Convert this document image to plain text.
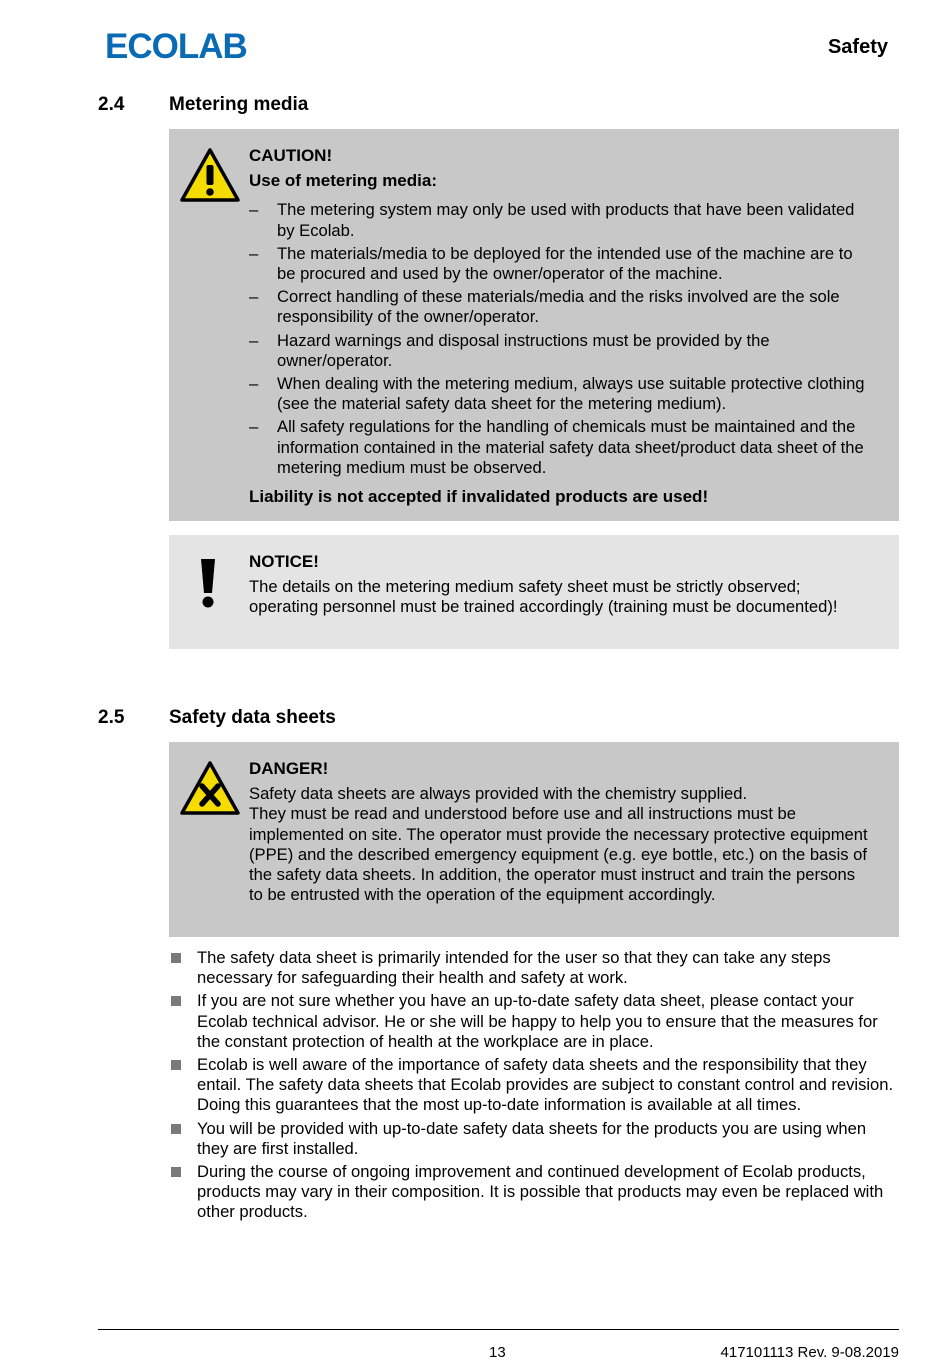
ECOLAB	Safety
2.4 Metering media
CAUTION!
Use of metering media:
– The metering system may only be used with products that have been validated by Ecolab.
– The materials/media to be deployed for the intended use of the machine are to be procured and used by the owner/operator of the machine.
– Correct handling of these materials/media and the risks involved are the sole responsibility of the owner/operator.
– Hazard warnings and disposal instructions must be provided by the owner/operator.
– When dealing with the metering medium, always use suitable protective clothing (see the material safety data sheet for the metering medium).
– All safety regulations for the handling of chemicals must be maintained and the information contained in the material safety data sheet/product data sheet of the metering medium must be observed.
Liability is not accepted if invalidated products are used!
NOTICE!
The details on the metering medium safety sheet must be strictly observed; operating personnel must be trained accordingly (training must be documented)!
2.5 Safety data sheets
DANGER!
Safety data sheets are always provided with the chemistry supplied.
They must be read and understood before use and all instructions must be implemented on site. The operator must provide the necessary protective equipment (PPE) and the described emergency equipment (e.g. eye bottle, etc.) on the basis of the safety data sheets. In addition, the operator must instruct and train the persons to be entrusted with the operation of the equipment accordingly.
The safety data sheet is primarily intended for the user so that they can take any steps necessary for safeguarding their health and safety at work.
If you are not sure whether you have an up-to-date safety data sheet, please contact your Ecolab technical advisor. He or she will be happy to help you to ensure that the measures for the constant protection of health at the workplace are in place.
Ecolab is well aware of the importance of safety data sheets and the responsibility that they entail. The safety data sheets that Ecolab provides are subject to constant control and revision. Doing this guarantees that the most up-to-date information is available at all times.
You will be provided with up-to-date safety data sheets for the products you are using when they are first installed.
During the course of ongoing improvement and continued development of Ecolab products, products may vary in their composition. It is possible that products may even be replaced with other products.
13	417101113 Rev. 9-08.2019
